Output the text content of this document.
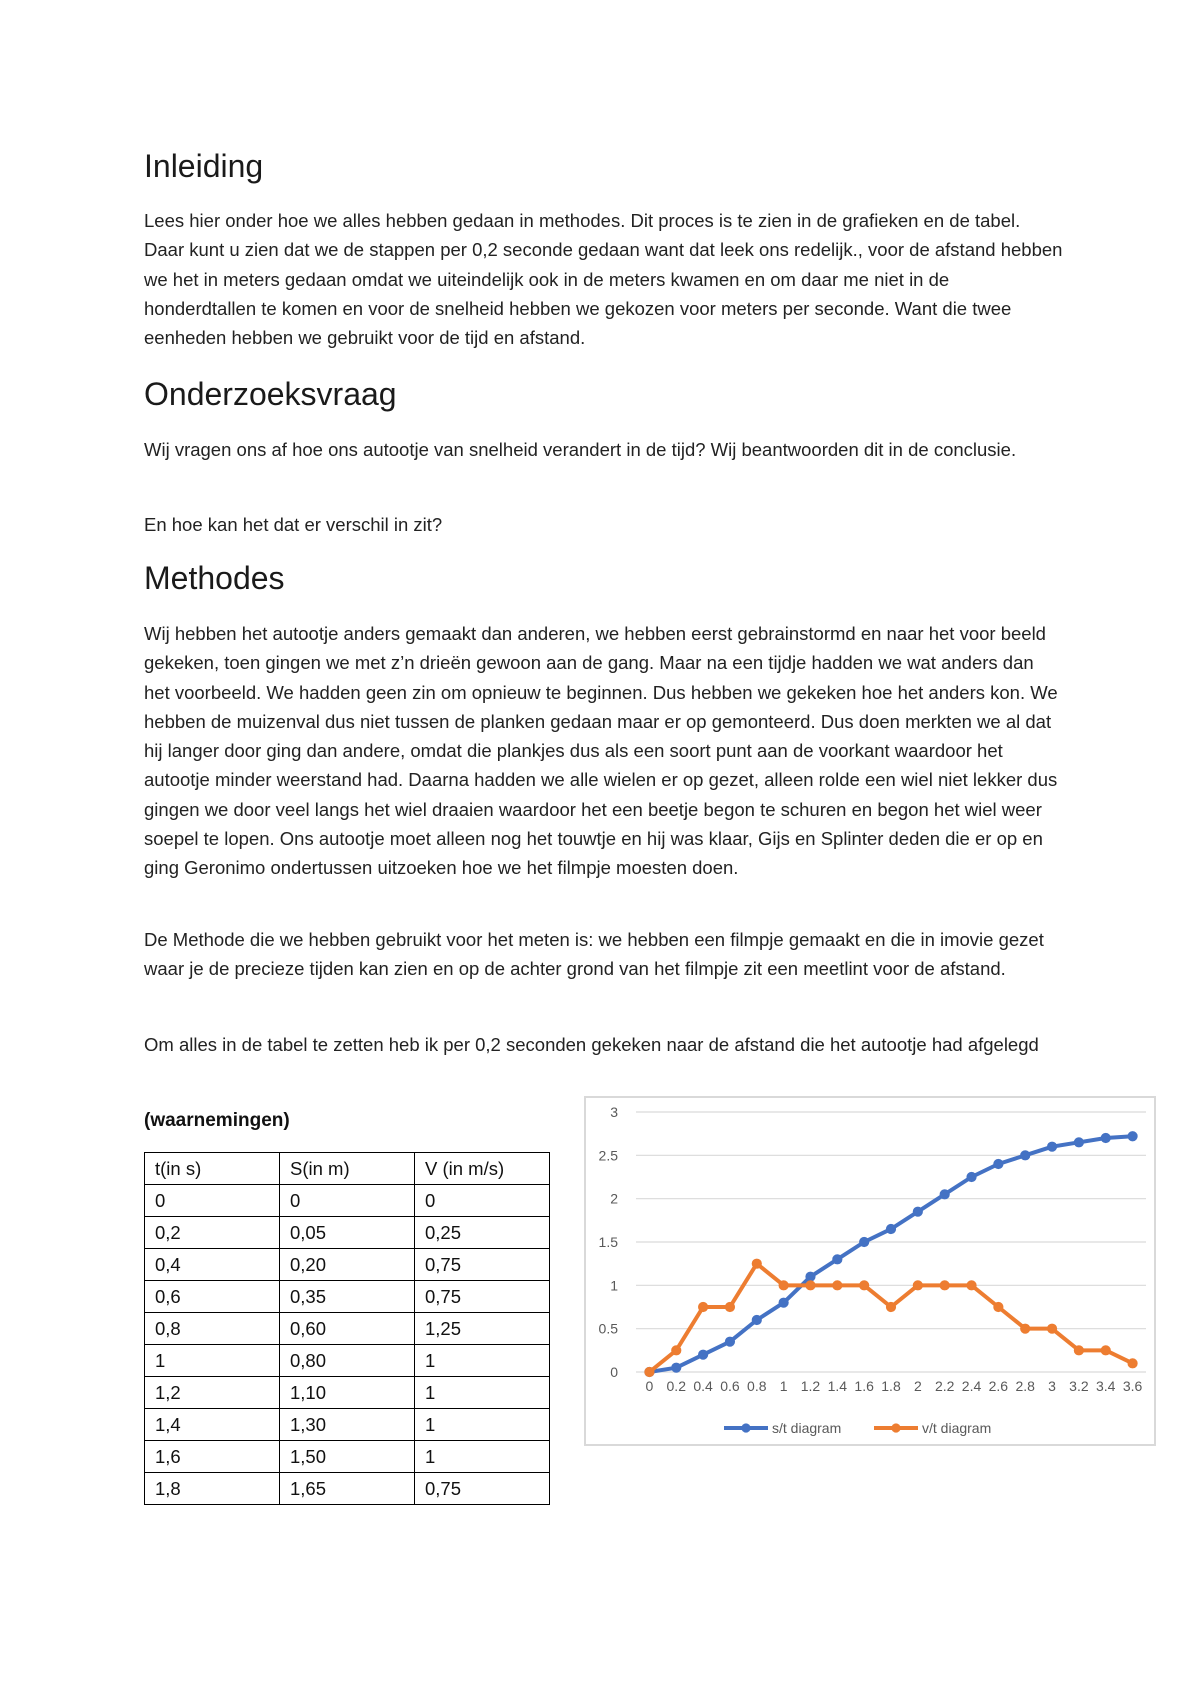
Inleiding

Lees hier onder hoe we alles hebben gedaan in methodes. Dit proces is te zien in de grafieken en de tabel. Daar kunt u zien dat we de stappen per 0,2 seconde gedaan want dat leek ons redelijk., voor de afstand hebben we het in meters gedaan omdat we uiteindelijk ook in de meters kwamen en om daar me niet in de honderdtallen te komen en voor de snelheid hebben we gekozen voor meters per seconde. Want die twee eenheden hebben we gebruikt voor de tijd en afstand.

Onderzoeksvraag

Wij vragen ons af hoe ons autootje van snelheid verandert in de tijd? Wij beantwoorden dit in de conclusie.

En hoe kan het dat er verschil in zit?

Methodes

Wij hebben het autootje anders gemaakt dan anderen, we hebben eerst gebrainstormd en naar het voor beeld gekeken, toen gingen we met z’n drieën gewoon aan de gang. Maar na een tijdje hadden we wat anders dan het voorbeeld. We hadden geen zin om opnieuw te beginnen. Dus hebben we gekeken hoe het anders kon. We hebben de muizenval dus niet tussen de planken gedaan maar er op gemonteerd. Dus doen merkten we al dat hij langer door ging dan andere, omdat die plankjes dus als een soort punt aan de voorkant waardoor het autootje minder weerstand had. Daarna hadden we alle wielen er op gezet, alleen rolde een wiel niet lekker dus gingen we door veel langs het wiel draaien waardoor het een beetje begon te schuren en begon het wiel weer soepel te lopen. Ons autootje moet alleen nog het touwtje en hij was klaar, Gijs en Splinter deden die er op en ging Geronimo ondertussen uitzoeken hoe we het filmpje moesten doen.

De Methode die we hebben gebruikt voor het meten is: we hebben een filmpje gemaakt en die in imovie gezet waar je de precieze tijden kan zien en op de achter grond van het filmpje zit een meetlint voor de afstand.

Om alles in de tabel te zetten heb ik per 0,2 seconden gekeken naar de afstand die het autootje had afgelegd

(waarnemingen)
t(in s)	S(in m)	V (in m/s)
0	0	0
0,2	0,05	0,25
0,4	0,20	0,75
0,6	0,35	0,75
0,8	0,60	1,25
1	0,80	1
1,2	1,10	1
1,4	1,30	1
1,6	1,50	1
1,8	1,65	0,75
0
0.5
1
1.5
2
2.5
3
0 0.2 0.4 0.6 0.8 1 1.2 1.4 1.6 1.8 2 2.2 2.4 2.6 2.8 3 3.2 3.4 3.6
s/t diagram	v/t diagram
